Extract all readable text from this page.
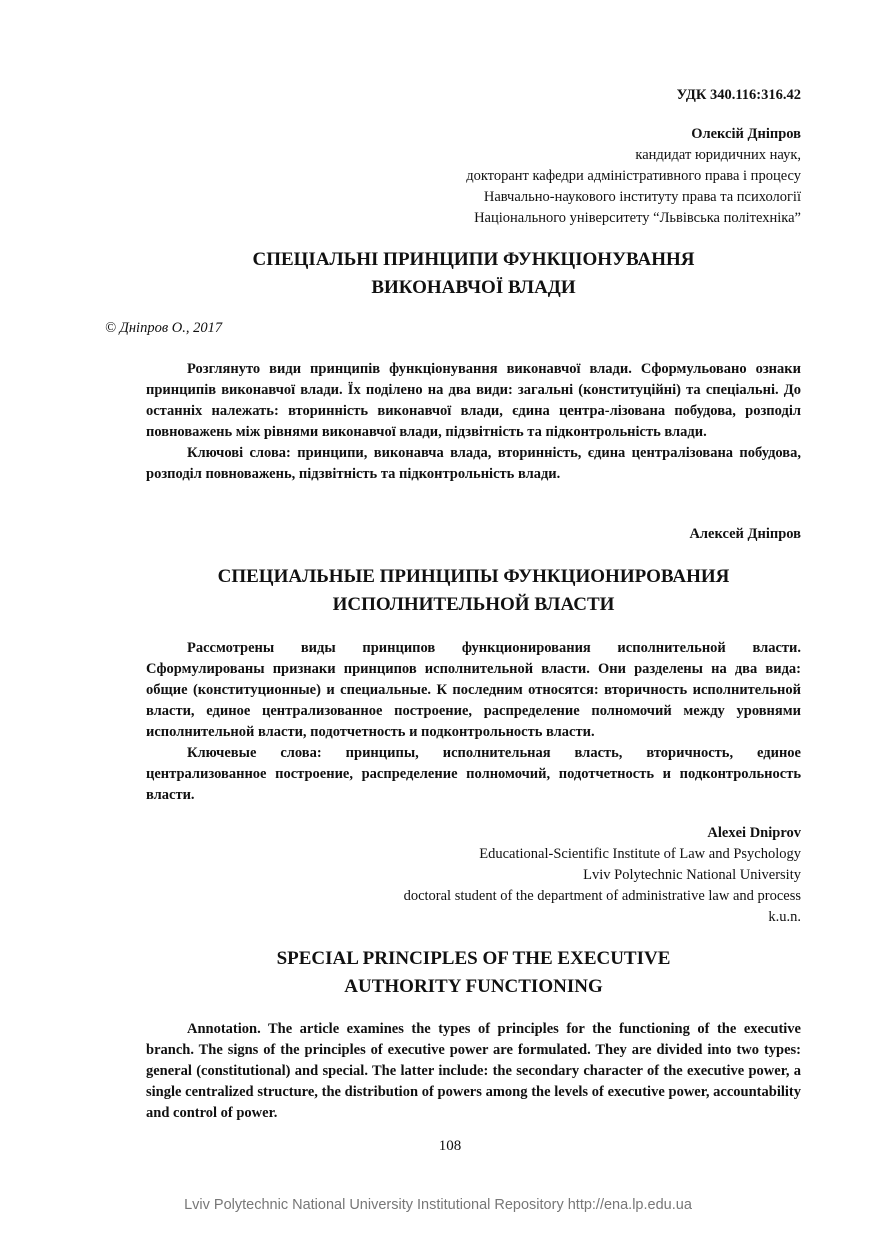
УДК 340.116:316.42
Олексій Дніпров
кандидат юридичних наук,
докторант кафедри адміністративного права і процесу
Навчально-наукового інституту права та психології
Національного університету “Львівська політехніка”
СПЕЦІАЛЬНІ ПРИНЦИПИ ФУНКЦІОНУВАННЯ
ВИКОНАВЧОЇ ВЛАДИ
© Дніпров О., 2017

Розглянуто види принципів функціонування виконавчої влади. Сформульовано ознаки принципів виконавчої влади. Їх поділено на два види: загальні (конституційні) та спеціальні. До останніх належать: вторинність виконавчої влади, єдина центра-лізована побудова, розподіл повноважень між рівнями виконавчої влади, підзвітність та підконтрольність влади.

Ключові слова: принципи, виконавча влада, вторинність, єдина централізована побудова, розподіл повноважень, підзвітність та підконтрольність влади.

Алексей Днiпров
СПЕЦИАЛЬНЫЕ ПРИНЦИПЫ ФУНКЦИОНИРОВАНИЯ
ИСПОЛНИТЕЛЬНОЙ ВЛАСТИ

Рассмотрены виды принципов функционирования исполнительной власти. Сформулированы признаки принципов исполнительной власти. Они разделены на два вида: общие (конституционные) и специальные. К последним относятся: вторичность исполнительной власти, единое централизованное построение, распределение полномочий между уровнями исполнительной власти, подотчетность и подконтрольность власти.

Ключевые слова: принципы, исполнительная власть, вторичность, единое централизованное построение, распределение полномочий, подотчетность и подконтрольность власти.

Alexei Dniprov
Educational-Scientific Institute of Law and Psychology
Lviv Polytechnic National University
doctoral student of the department of administrative law and process
k.u.n.
SPECIAL PRINCIPLES OF THE EXECUTIVE
AUTHORITY FUNCTIONING

Annotation. The article examines the types of principles for the functioning of the executive branch. The signs of the principles of executive power are formulated. They are divided into two types: general (constitutional) and special. The latter include: the secondary character of the executive power, a single centralized structure, the distribution of powers among the levels of executive power, accountability and control of power.

108
Lviv Polytechnic National University Institutional Repository http://ena.lp.edu.ua
